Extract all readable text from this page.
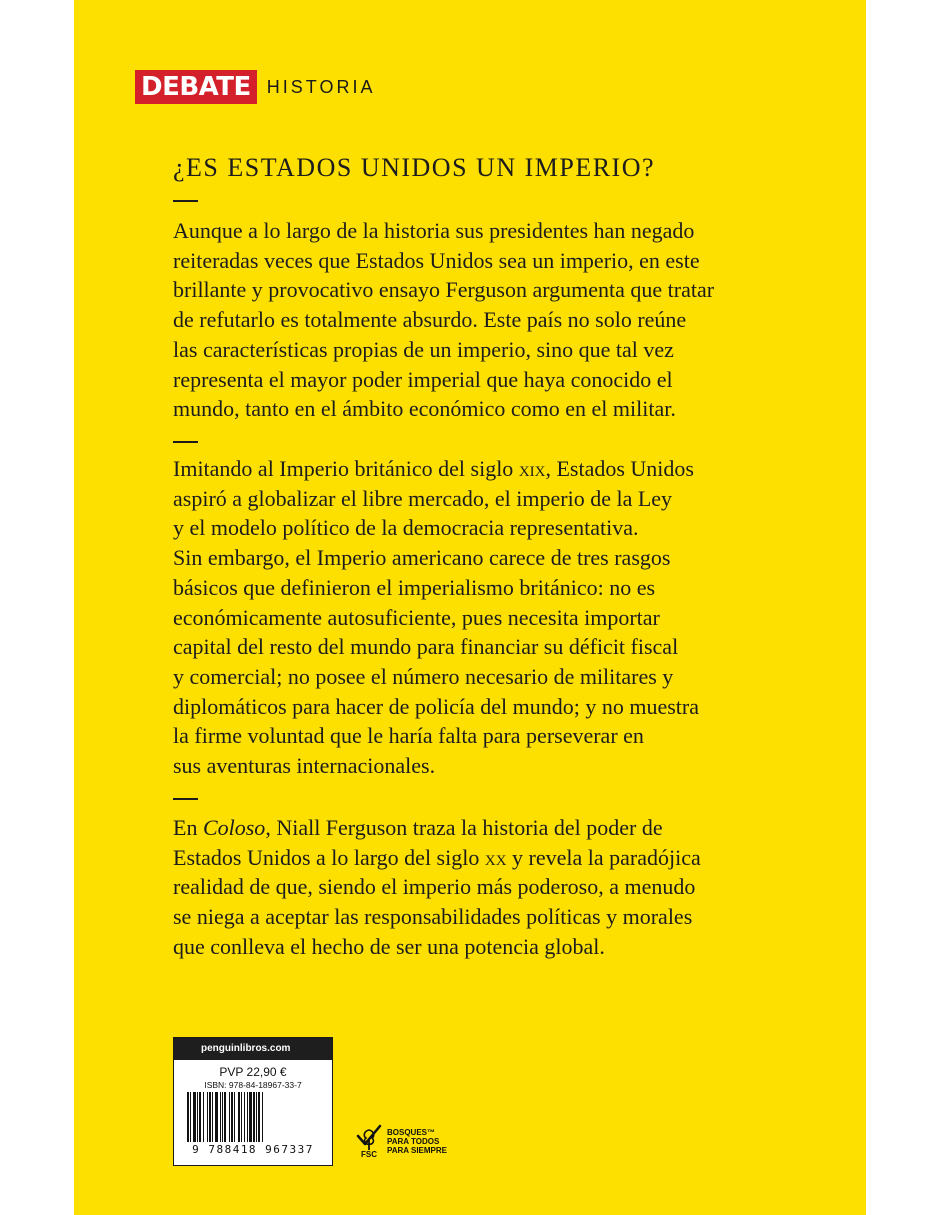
DEBATE HISTORIA
¿ES ESTADOS UNIDOS UN IMPERIO?

Aunque a lo largo de la historia sus presidentes han negado
reiteradas veces que Estados Unidos sea un imperio, en este
brillante y provocativo ensayo Ferguson argumenta que tratar
de refutarlo es totalmente absurdo. Este país no solo reúne
las características propias de un imperio, sino que tal vez
representa el mayor poder imperial que haya conocido el
mundo, tanto en el ámbito económico como en el militar.

Imitando al Imperio británico del siglo xix, Estados Unidos
aspiró a globalizar el libre mercado, el imperio de la Ley
y el modelo político de la democracia representativa.
Sin embargo, el Imperio americano carece de tres rasgos
básicos que definieron el imperialismo británico: no es
económicamente autosuficiente, pues necesita importar
capital del resto del mundo para financiar su déficit fiscal
y comercial; no posee el número necesario de militares y
diplomáticos para hacer de policía del mundo; y no muestra
la firme voluntad que le haría falta para perseverar en
sus aventuras internacionales.

En Coloso, Niall Ferguson traza la historia del poder de
Estados Unidos a lo largo del siglo xx y revela la paradójica
realidad de que, siendo el imperio más poderoso, a menudo
se niega a aceptar las responsabilidades políticas y morales
que conlleva el hecho de ser una potencia global.

penguinlibros.com
PVP 22,90 €
ISBN: 978-84-18967-33-7
9 788418 967337	FSC
BOSQUES™
PARA TODOS
PARA SIEMPRE
